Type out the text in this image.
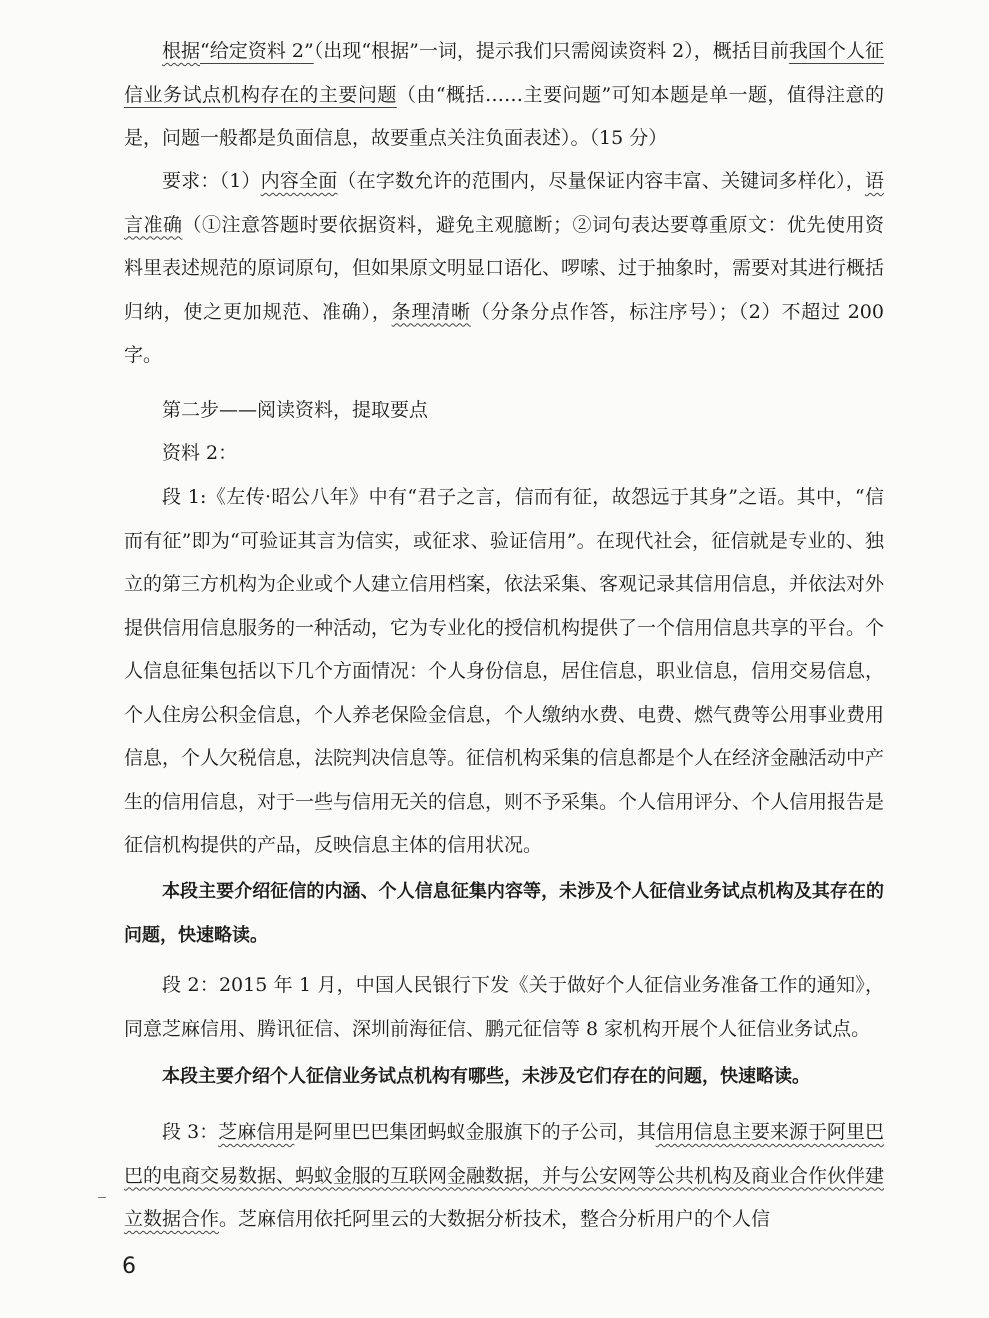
根据“给定资料 2”（出现“根据”一词，提示我们只需阅读资料 2），概括目前我国个人征信业务试点机构存在的主要问题（由“概括……主要问题”可知本题是单一题，值得注意的是，问题一般都是负面信息，故要重点关注负面表述）。（15 分）

要求：（1）内容全面（在字数允许的范围内，尽量保证内容丰富、关键词多样化），语言准确（①注意答题时要依据资料，避免主观臆断；②词句表达要尊重原文：优先使用资料里表述规范的原词原句，但如果原文明显口语化、啰嗦、过于抽象时，需要对其进行概括归纳，使之更加规范、准确），条理清晰（分条分点作答，标注序号）；（2）不超过 200 字。

第二步——阅读资料，提取要点

资料 2：

段 1:《左传·昭公八年》中有“君子之言，信而有征，故怨远于其身”之语。其中，“信而有征”即为“可验证其言为信实，或征求、验证信用”。在现代社会，征信就是专业的、独立的第三方机构为企业或个人建立信用档案，依法采集、客观记录其信用信息，并依法对外提供信用信息服务的一种活动，它为专业化的授信机构提供了一个信用信息共享的平台。个人信息征集包括以下几个方面情况：个人身份信息，居住信息，职业信息，信用交易信息，个人住房公积金信息，个人养老保险金信息，个人缴纳水费、电费、燃气费等公用事业费用信息，个人欠税信息，法院判决信息等。征信机构采集的信息都是个人在经济金融活动中产生的信用信息，对于一些与信用无关的信息，则不予采集。个人信用评分、个人信用报告是征信机构提供的产品，反映信息主体的信用状况。

本段主要介绍征信的内涵、个人信息征集内容等，未涉及个人征信业务试点机构及其存在的问题，快速略读。

段 2：2015 年 1 月，中国人民银行下发《关于做好个人征信业务准备工作的通知》，同意芝麻信用、腾讯征信、深圳前海征信、鹏元征信等 8 家机构开展个人征信业务试点。

本段主要介绍个人征信业务试点机构有哪些，未涉及它们存在的问题，快速略读。

段 3：芝麻信用是阿里巴巴集团蚂蚁金服旗下的子公司，其信用信息主要来源于阿里巴巴的电商交易数据、蚂蚁金服的互联网金融数据，并与公安网等公共机构及商业合作伙伴建立数据合作。芝麻信用依托阿里云的大数据分析技术，整合分析用户的个人信

6
